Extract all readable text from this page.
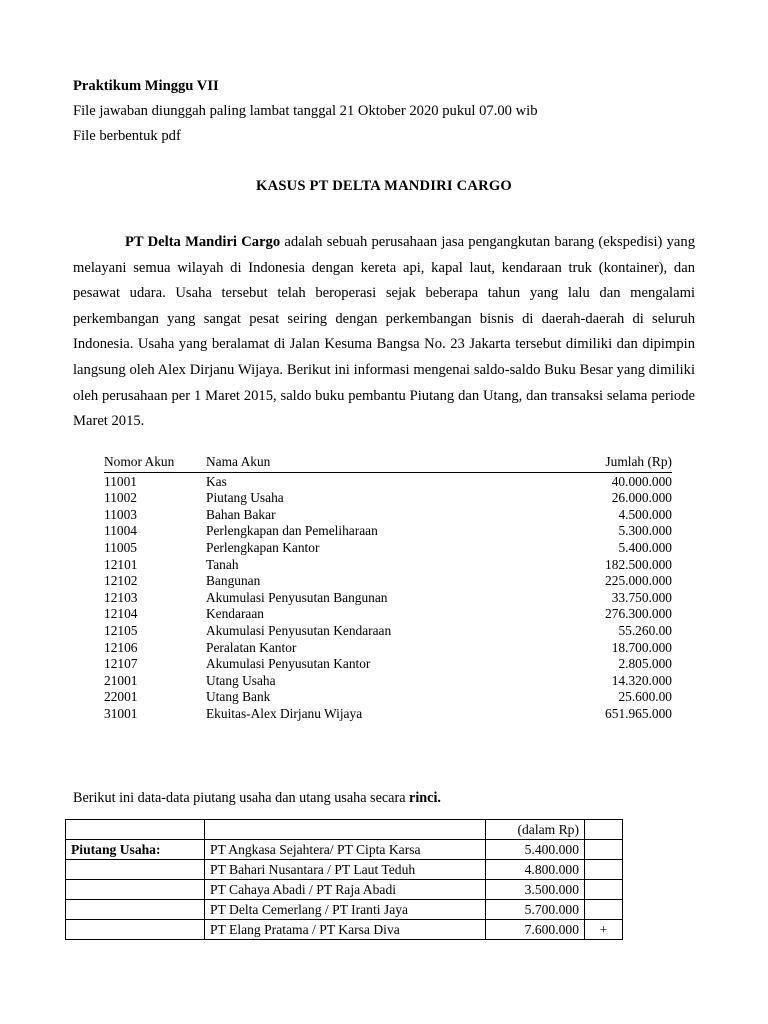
Praktikum Minggu VII
File jawaban diunggah paling lambat tanggal 21 Oktober 2020 pukul 07.00 wib
File berbentuk pdf
KASUS PT DELTA MANDIRI CARGO
PT Delta Mandiri Cargo adalah sebuah perusahaan jasa pengangkutan barang (ekspedisi) yang melayani semua wilayah di Indonesia dengan kereta api, kapal laut, kendaraan truk (kontainer), dan pesawat udara. Usaha tersebut telah beroperasi sejak beberapa tahun yang lalu dan mengalami perkembangan yang sangat pesat seiring dengan perkembangan bisnis di daerah-daerah di seluruh Indonesia. Usaha yang beralamat di Jalan Kesuma Bangsa No. 23 Jakarta tersebut dimiliki dan dipimpin langsung oleh Alex Dirjanu Wijaya. Berikut ini informasi mengenai saldo-saldo Buku Besar yang dimiliki oleh perusahaan per 1 Maret 2015, saldo buku pembantu Piutang dan Utang, dan transaksi selama periode Maret 2015.
Nomor Akun	Nama Akun	Jumlah (Rp)
11001	Kas	40.000.000
11002	Piutang Usaha	26.000.000
11003	Bahan Bakar	4.500.000
11004	Perlengkapan dan Pemeliharaan	5.300.000
11005	Perlengkapan Kantor	5.400.000
12101	Tanah	182.500.000
12102	Bangunan	225.000.000
12103	Akumulasi Penyusutan Bangunan	33.750.000
12104	Kendaraan	276.300.000
12105	Akumulasi Penyusutan Kendaraan	55.260.00
12106	Peralatan Kantor	18.700.000
12107	Akumulasi Penyusutan Kantor	2.805.000
21001	Utang Usaha	14.320.000
22001	Utang Bank	25.600.00
31001	Ekuitas-Alex Dirjanu Wijaya	651.965.000
Berikut ini data-data piutang usaha dan utang usaha secara rinci.
		(dalam Rp)	
Piutang Usaha:	PT Angkasa Sejahtera/ PT Cipta Karsa	5.400.000	
	PT Bahari Nusantara / PT Laut Teduh	4.800.000	
	PT Cahaya Abadi / PT Raja Abadi	3.500.000	
	PT Delta Cemerlang / PT Iranti Jaya	5.700.000	
	PT Elang Pratama / PT Karsa Diva	7.600.000	+
